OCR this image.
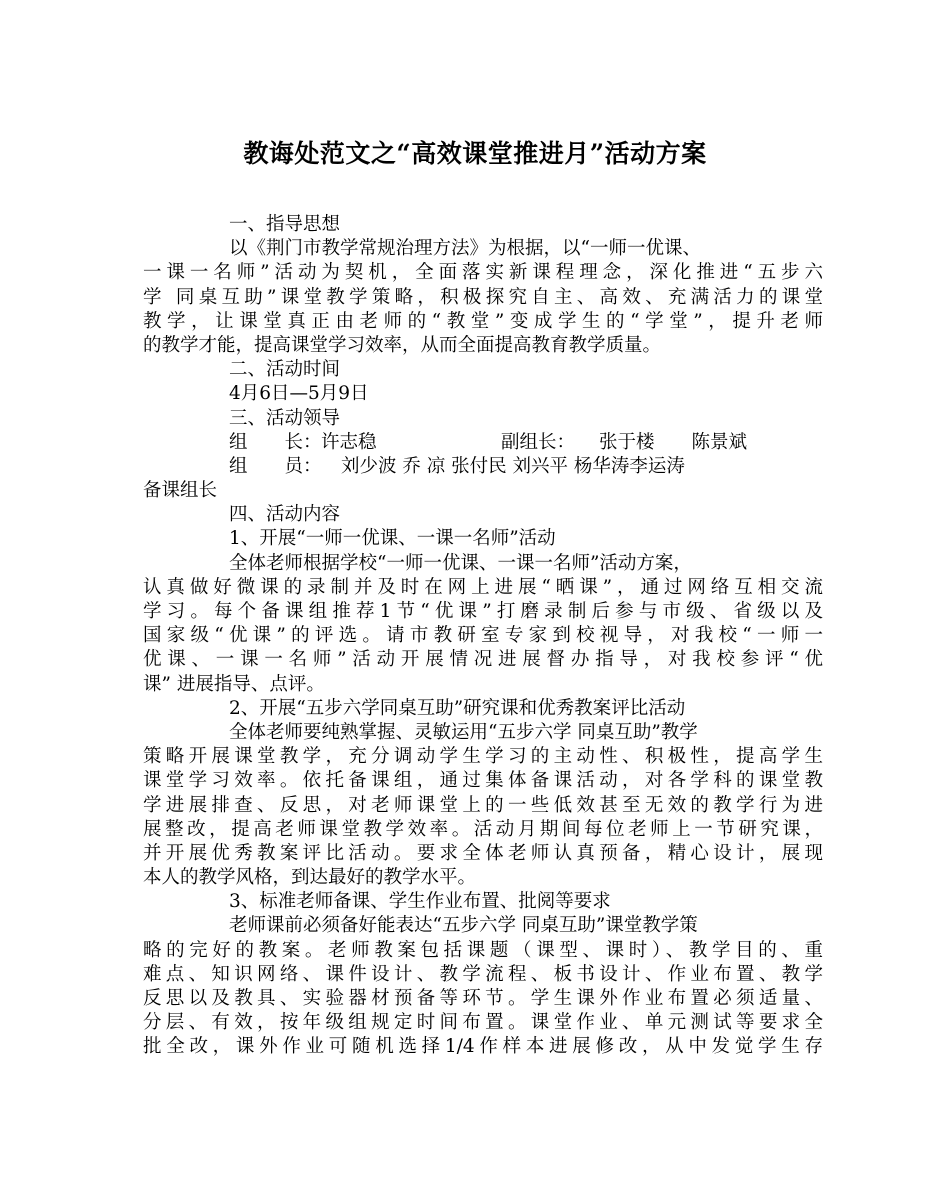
教诲处范文之“高效课堂推进月”活动方案
一、指导思想
以《荆门市教学常规治理方法》为根据，以“一师一优课、
一课一名师”活动为契机，全面落实新课程理念，深化推进“五步六
学 同桌互助”课堂教学策略，积极探究自主、高效、充满活力的课堂
教学，让课堂真正由老师的“教堂”变成学生的“学堂”，提升老师
的教学才能，提高课堂学习效率，从而全面提高教育教学质量。
二、活动时间
4月6日—5月9日
三、活动领导
组　　长：许志稳	副组长： 张于楼　　陈景斌
组　　员： 刘少波 乔 凉 张付民 刘兴平 杨华涛李运涛
备课组长
四、活动内容
1、开展“一师一优课、一课一名师”活动
全体老师根据学校“一师一优课、一课一名师”活动方案，
认真做好微课的录制并及时在网上进展“晒课”，通过网络互相交流
学习。每个备课组推荐1节“优课”打磨录制后参与市级、省级以及
国家级“优课”的评选。请市教研室专家到校视导，对我校“一师一
优课、一课一名师”活动开展情况进展督办指导，对我校参评“优
课” 进展指导、点评。
2、开展“五步六学同桌互助”研究课和优秀教案评比活动
全体老师要纯熟掌握、灵敏运用“五步六学 同桌互助”教学
策略开展课堂教学，充分调动学生学习的主动性、积极性，提高学生
课堂学习效率。依托备课组，通过集体备课活动，对各学科的课堂教
学进展排查、反思，对老师课堂上的一些低效甚至无效的教学行为进
展整改，提高老师课堂教学效率。活动月期间每位老师上一节研究课，
并开展优秀教案评比活动。要求全体老师认真预备，精心设计，展现
本人的教学风格，到达最好的教学水平。
3、标准老师备课、学生作业布置、批阅等要求
老师课前必须备好能表达“五步六学 同桌互助”课堂教学策
略的完好的教案。老师教案包括课题（课型、课时）、教学目的、重
难点、知识网络、课件设计、教学流程、板书设计、作业布置、教学
反思以及教具、实验器材预备等环节。学生课外作业布置必须适量、
分层、有效，按年级组规定时间布置。课堂作业、单元测试等要求全
批全改，课外作业可随机选择1/4作样本进展修改，从中发觉学生存
